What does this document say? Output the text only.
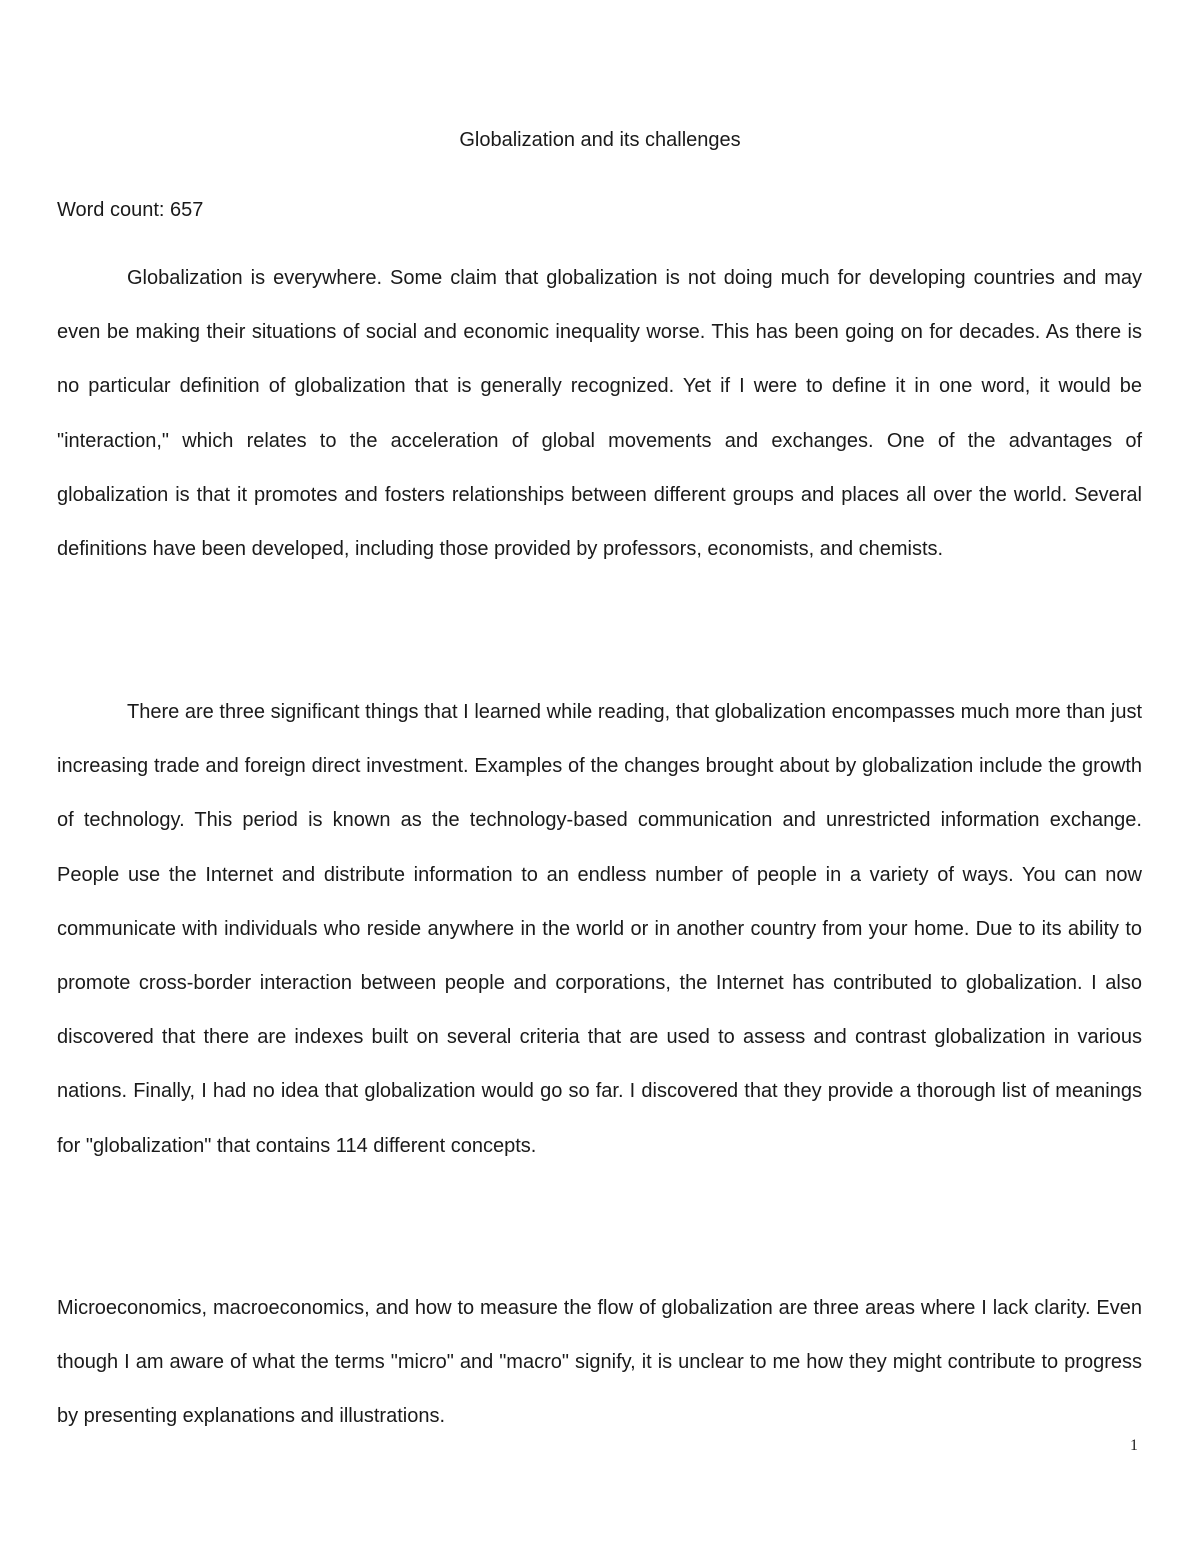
Globalization and its challenges
Word count: 657

Globalization is everywhere. Some claim that globalization is not doing much for developing countries and may even be making their situations of social and economic inequality worse. This has been going on for decades. As there is no particular definition of globalization that is generally recognized. Yet if I were to define it in one word, it would be "interaction," which relates to the acceleration of global movements and exchanges. One of the advantages of globalization is that it promotes and fosters relationships between different groups and places all over the world. Several definitions have been developed, including those provided by professors, economists, and chemists.

There are three significant things that I learned while reading, that globalization encompasses much more than just increasing trade and foreign direct investment. Examples of the changes brought about by globalization include the growth of technology. This period is known as the technology-based communication and unrestricted information exchange. People use the Internet and distribute information to an endless number of people in a variety of ways. You can now communicate with individuals who reside anywhere in the world or in another country from your home. Due to its ability to promote cross-border interaction between people and corporations, the Internet has contributed to globalization. I also discovered that there are indexes built on several criteria that are used to assess and contrast globalization in various nations. Finally, I had no idea that globalization would go so far. I discovered that they provide a thorough list of meanings for "globalization" that contains 114 different concepts.

Microeconomics, macroeconomics, and how to measure the flow of globalization are three areas where I lack clarity. Even though I am aware of what the terms "micro" and "macro" signify, it is unclear to me how they might contribute to progress by presenting explanations and illustrations.

1
